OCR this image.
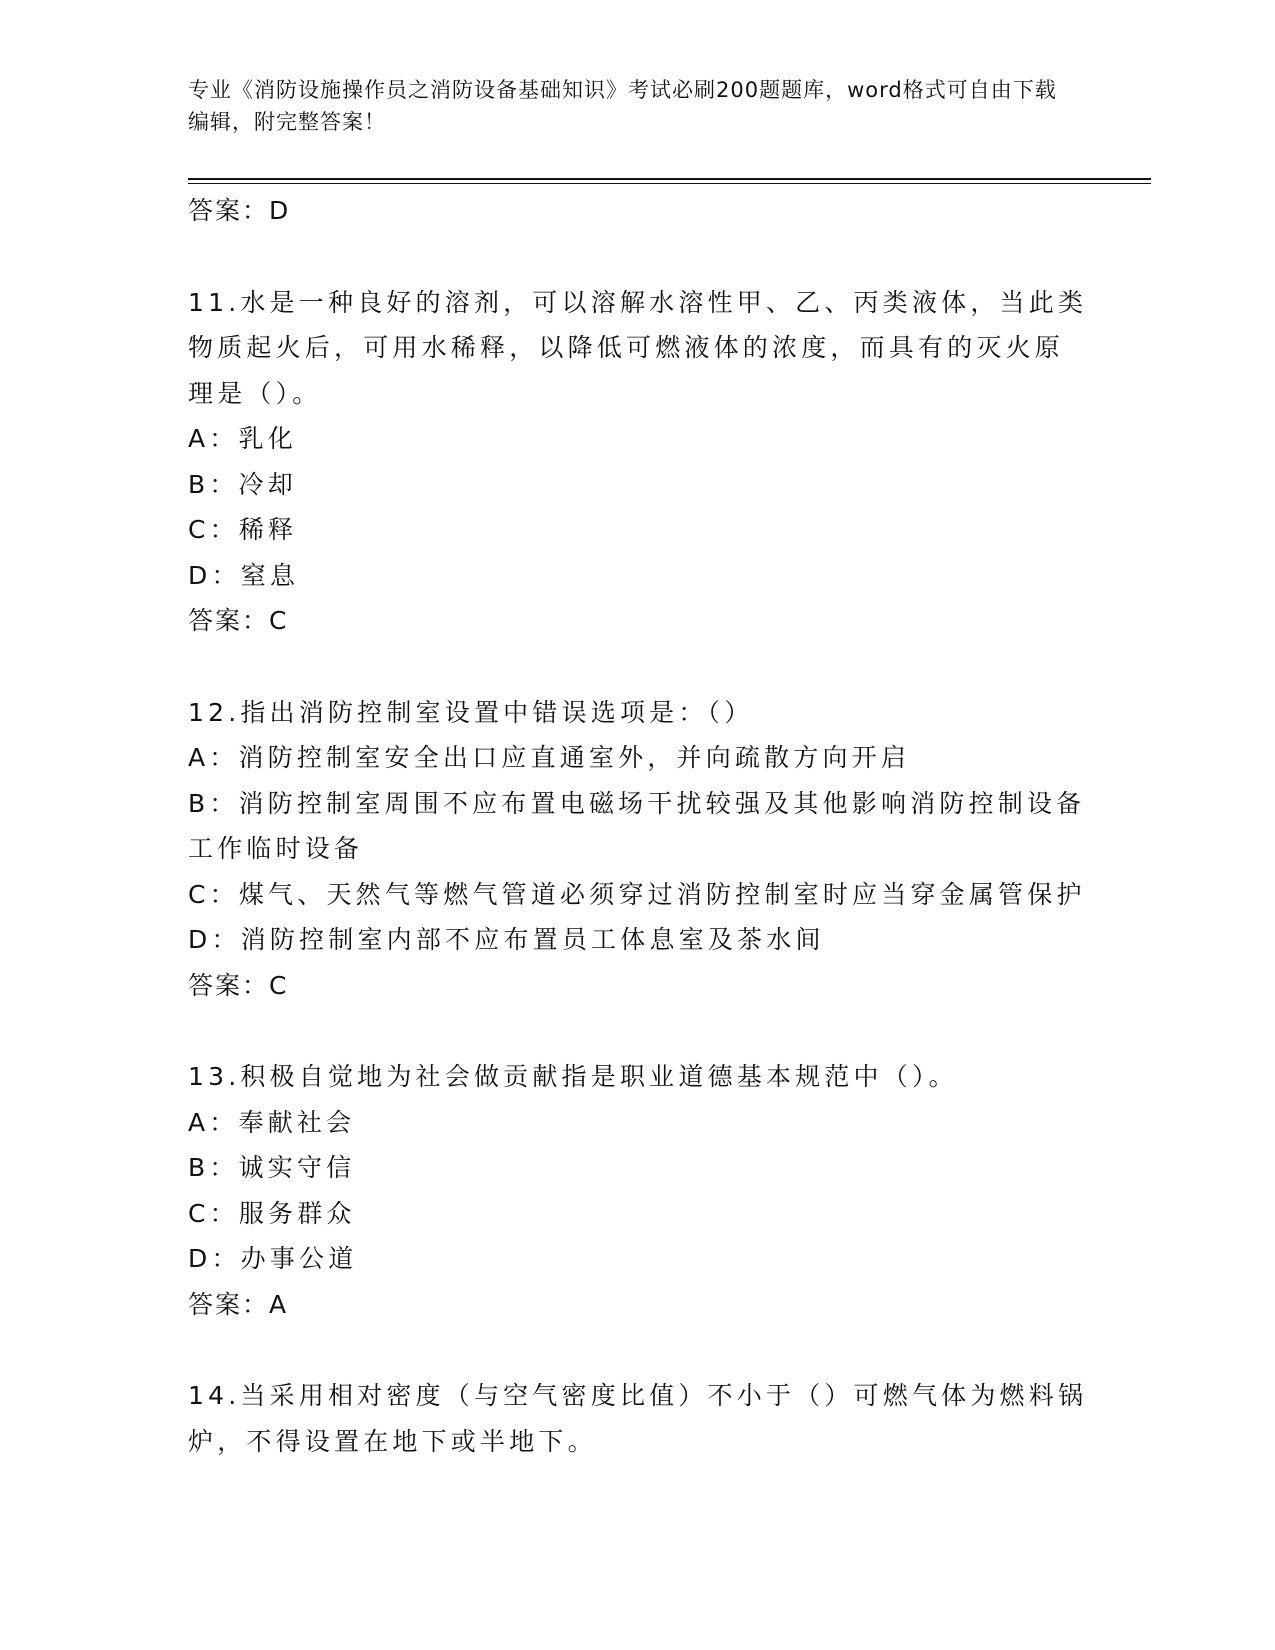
专业《消防设施操作员之消防设备基础知识》考试必刷200题题库，word格式可自由下载编辑，附完整答案！
答案：D
11.水是一种良好的溶剂，可以溶解水溶性甲、乙、丙类液体，当此类
物质起火后，可用水稀释，以降低可燃液体的浓度，而具有的灭火原
理是（）。
A：乳化
B：冷却
C：稀释
D：窒息
答案：C
12.指出消防控制室设置中错误选项是：（）
A：消防控制室安全出口应直通室外，并向疏散方向开启
B：消防控制室周围不应布置电磁场干扰较强及其他影响消防控制设备
工作临时设备
C：煤气、天然气等燃气管道必须穿过消防控制室时应当穿金属管保护
D：消防控制室内部不应布置员工体息室及茶水间
答案：C
13.积极自觉地为社会做贡献指是职业道德基本规范中（）。
A：奉献社会
B：诚实守信
C：服务群众
D：办事公道
答案：A
14.当采用相对密度（与空气密度比值）不小于（）可燃气体为燃料锅
炉，不得设置在地下或半地下。
